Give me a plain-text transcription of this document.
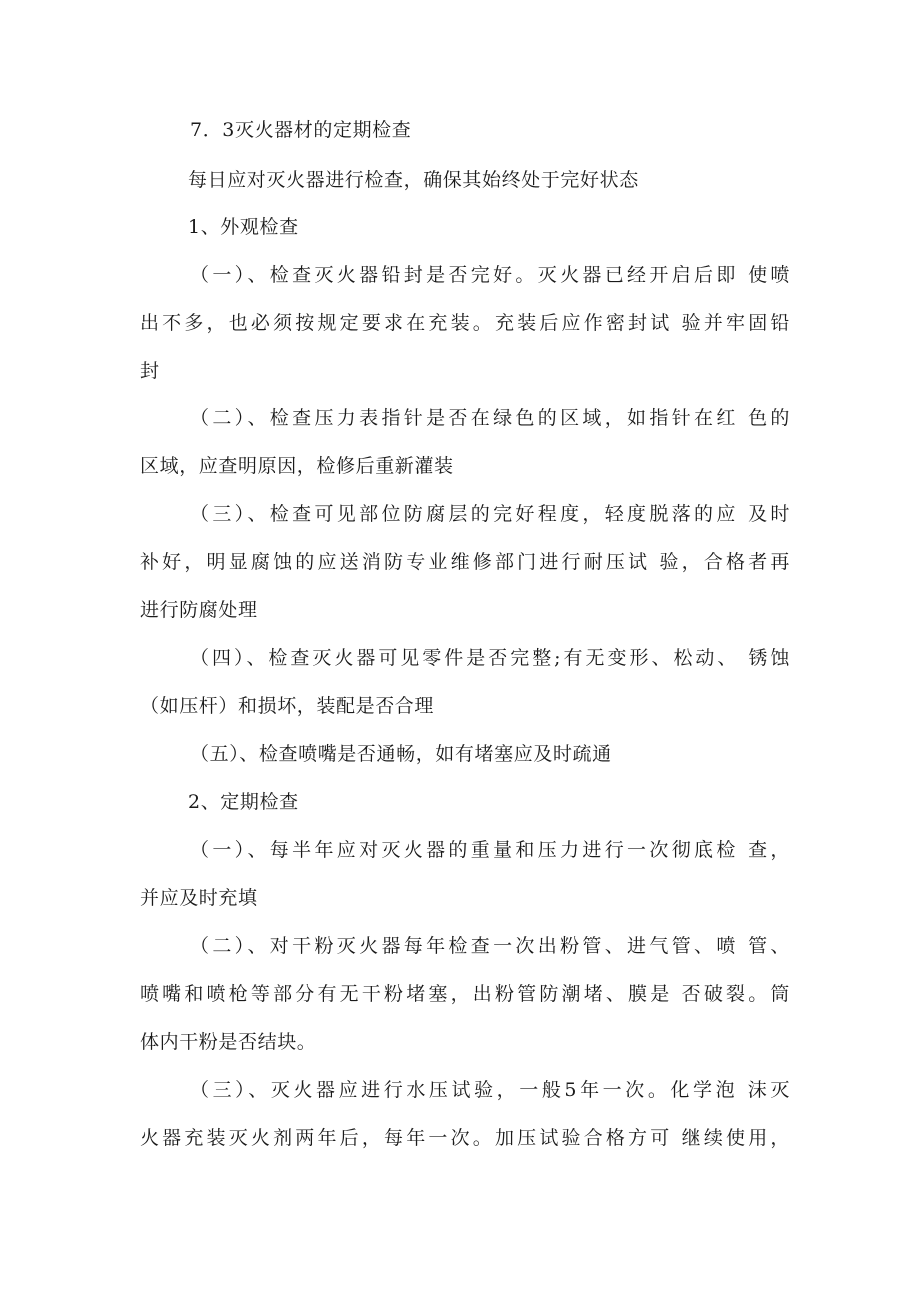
7．3灭火器材的定期检查
每日应对灭火器进行检查，确保其始终处于完好状态
1、外观检查
（一）、检查灭火器铅封是否完好。灭火器已经开启后即 使喷
出不多，也必须按规定要求在充装。充装后应作密封试 验并牢固铅
封
（二）、检查压力表指针是否在绿色的区域，如指针在红 色的
区域，应查明原因，检修后重新灌装
（三）、检查可见部位防腐层的完好程度，轻度脱落的应 及时
补好，明显腐蚀的应送消防专业维修部门进行耐压试 验，合格者再
进行防腐处理
（四）、检查灭火器可见零件是否完整;有无变形、松动、 锈蚀
（如压杆）和损坏，装配是否合理
（五）、检查喷嘴是否通畅，如有堵塞应及时疏通
2、定期检查
（一）、每半年应对灭火器的重量和压力进行一次彻底检 查，
并应及时充填
（二）、对干粉灭火器每年检查一次出粉管、进气管、喷 管、
喷嘴和喷枪等部分有无干粉堵塞，出粉管防潮堵、膜是 否破裂。筒
体内干粉是否结块。
（三）、灭火器应进行水压试验，一般5年一次。化学泡 沫灭
火器充装灭火剂两年后，每年一次。加压试验合格方可 继续使用，
